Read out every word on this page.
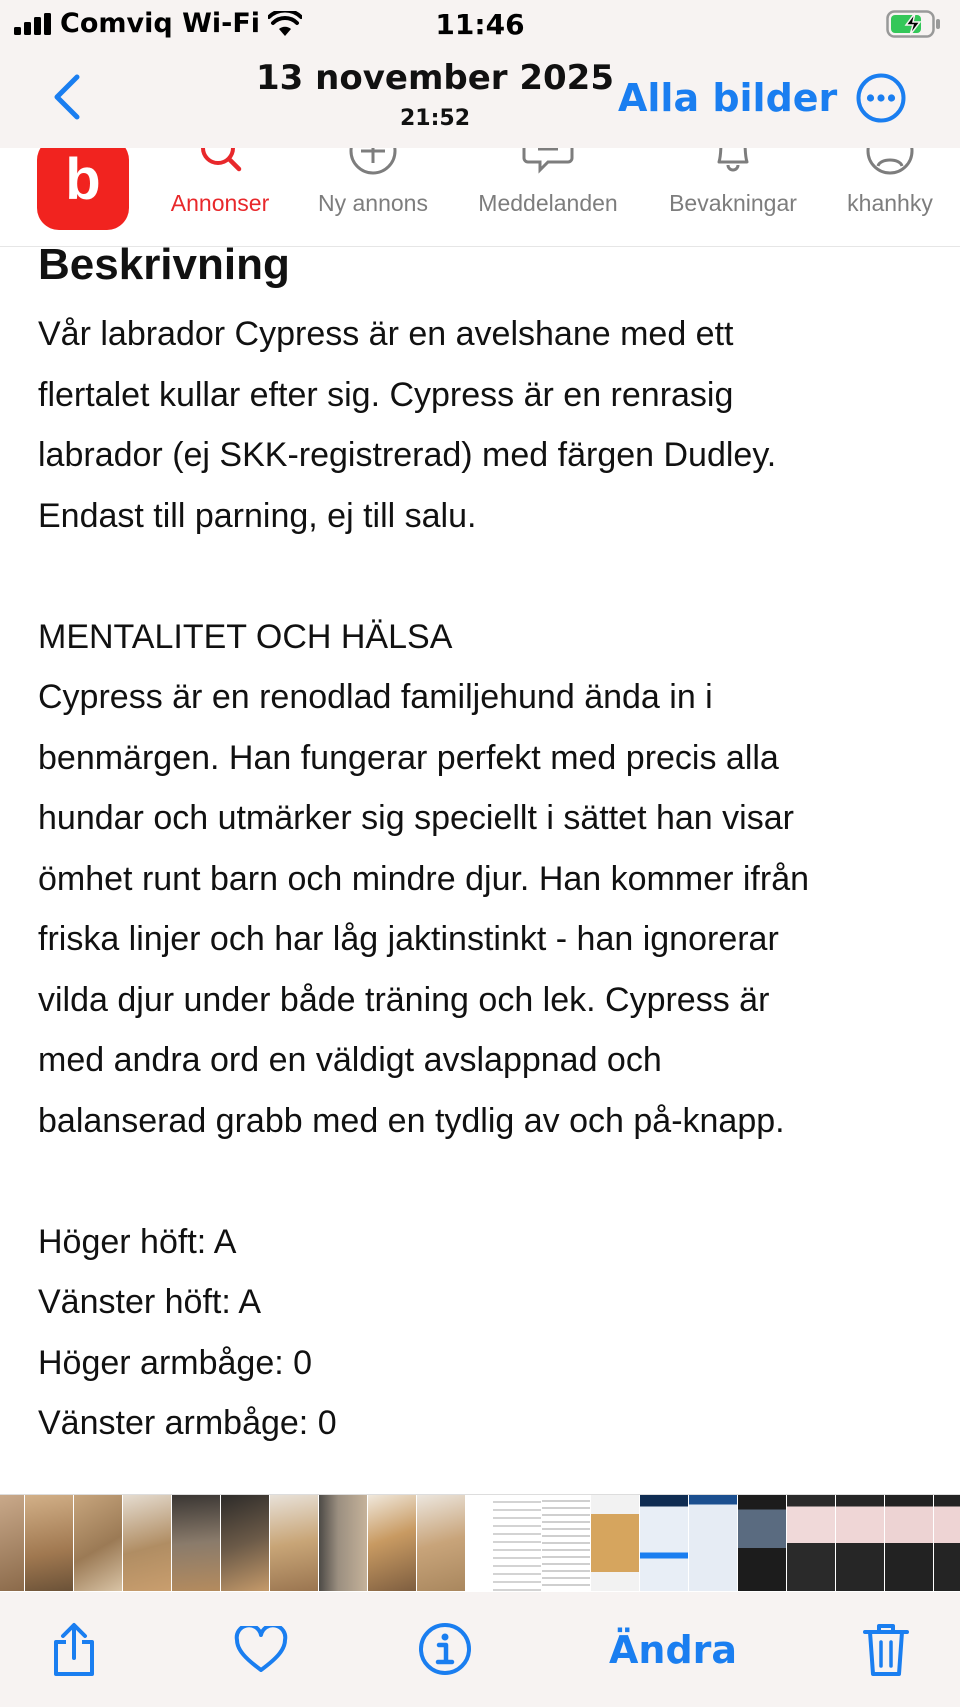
Comviq Wi-Fi	11:46
13 november 2025
21:52	Alla bilder
b	Annonser	Ny annons	Meddelanden	Bevakningar	khanhky
Beskrivning

Vår labrador Cypress är en avelshane med ett
flertalet kullar efter sig. Cypress är en renrasig
labrador (ej SKK-registrerad) med färgen Dudley.
Endast till parning, ej till salu.

MENTALITET OCH HÄLSA

Cypress är en renodlad familjehund ända in i
benmärgen. Han fungerar perfekt med precis alla
hundar och utmärker sig speciellt i sättet han visar
ömhet runt barn och mindre djur. Han kommer ifrån
friska linjer och har låg jaktinstinkt - han ignorerar
vilda djur under både träning och lek. Cypress är
med andra ord en väldigt avslappnad och
balanserad grabb med en tydlig av och på-knapp.

Höger höft: A

Vänster höft: A

Höger armbåge: 0

Vänster armbåge: 0

Ändra
